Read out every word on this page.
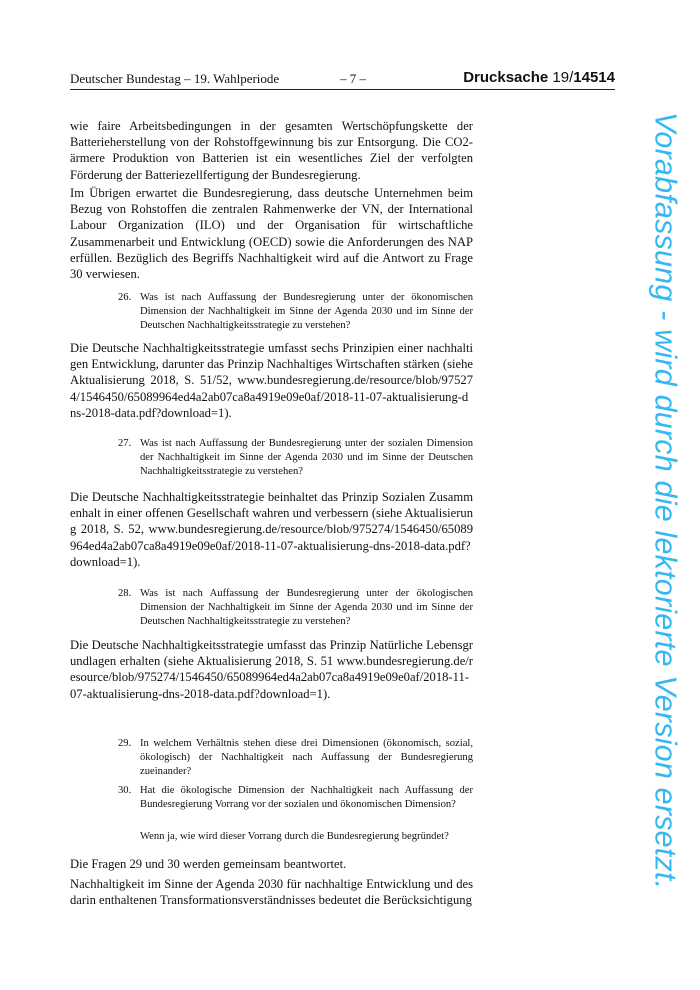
Deutscher Bundestag – 19. Wahlperiode	– 7 –	Drucksache 19/14514

wie faire Arbeitsbedingungen in der gesamten Wertschöpfungskette der Batterieherstellung von der Rohstoffgewinnung bis zur Entsorgung. Die CO2-ärmere Produktion von Batterien ist ein wesentliches Ziel der verfolgten Förderung der Batteriezellfertigung der Bundesregierung.

Im Übrigen erwartet die Bundesregierung, dass deutsche Unternehmen beim Bezug von Rohstoffen die zentralen Rahmenwerke der VN, der International Labour Organization (ILO) und der Organisation für wirtschaftliche Zusammenarbeit und Entwicklung (OECD) sowie die Anforderungen des NAP erfüllen. Bezüglich des Begriffs Nachhaltigkeit wird auf die Antwort zu Frage 30 verwiesen.

26. Was ist nach Auffassung der Bundesregierung unter der ökonomischen Dimension der Nachhaltigkeit im Sinne der Agenda 2030 und im Sinne der Deutschen Nachhaltigkeitsstrategie zu verstehen?

Die Deutsche Nachhaltigkeitsstrategie umfasst sechs Prinzipien einer nachhaltigen Entwicklung, darunter das Prinzip Nachhaltiges Wirtschaften stärken (siehe Aktualisierung 2018, S. 51/52, www.bundesregierung.de/resource/blob/975274/1546450/65089964ed4a2ab07ca8a4919e09e0af/2018-11-07-aktualisierung-dns-2018-data.pdf?download=1).

27. Was ist nach Auffassung der Bundesregierung unter der sozialen Dimension der Nachhaltigkeit im Sinne der Agenda 2030 und im Sinne der Deutschen Nachhaltigkeitsstrategie zu verstehen?

Die Deutsche Nachhaltigkeitsstrategie beinhaltet das Prinzip Sozialen Zusammenhalt in einer offenen Gesellschaft wahren und verbessern (siehe Aktualisierung 2018, S. 52, www.bundesregierung.de/resource/blob/975274/1546450/65089964ed4a2ab07ca8a4919e09e0af/2018-11-07-aktualisierung-dns-2018-data.pdf?download=1).

28. Was ist nach Auffassung der Bundesregierung unter der ökologischen Dimension der Nachhaltigkeit im Sinne der Agenda 2030 und im Sinne der Deutschen Nachhaltigkeitsstrategie zu verstehen?

Die Deutsche Nachhaltigkeitsstrategie umfasst das Prinzip Natürliche Lebensgrundlagen erhalten (siehe Aktualisierung 2018, S. 51 www.bundesregierung.de/resource/blob/975274/1546450/65089964ed4a2ab07ca8a4919e09e0af/2018-11-07-aktualisierung-dns-2018-data.pdf?download=1).

29. In welchem Verhältnis stehen diese drei Dimensionen (ökonomisch, sozial, ökologisch) der Nachhaltigkeit nach Auffassung der Bundesregierung zueinander?
30. Hat die ökologische Dimension der Nachhaltigkeit nach Auffassung der Bundesregierung Vorrang vor der sozialen und ökonomischen Dimension?
Wenn ja, wie wird dieser Vorrang durch die Bundesregierung begründet?

Die Fragen 29 und 30 werden gemeinsam beantwortet.

Nachhaltigkeit im Sinne der Agenda 2030 für nachhaltige Entwicklung und des darin enthaltenen Transformationsverständnisses bedeutet die Berücksichtigung

Vorabfassung - wird durch die lektorierte Version ersetzt.
